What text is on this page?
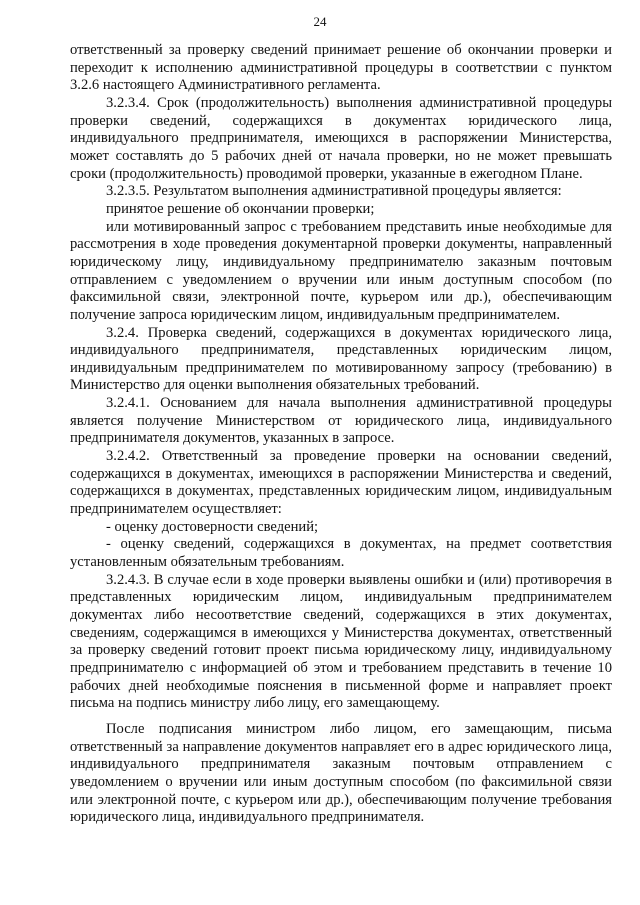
24

ответственный за проверку сведений принимает решение об окончании проверки и переходит к исполнению административной процедуры в соответствии с пунктом 3.2.6 настоящего Административного регламента.

3.2.3.4. Срок (продолжительность) выполнения административной процедуры проверки сведений, содержащихся в документах юридического лица, индивидуального предпринимателя, имеющихся в распоряжении Министерства, может составлять до 5 рабочих дней от начала проверки, но не может превышать сроки (продолжительность) проводимой проверки, указанные в ежегодном Плане.

3.2.3.5. Результатом выполнения административной процедуры является:

принятое решение об окончании проверки;

или мотивированный запрос с требованием представить иные необходимые для рассмотрения в ходе проведения документарной проверки документы, направленный юридическому лицу, индивидуальному предпринимателю заказным почтовым отправлением с уведомлением о вручении или иным доступным способом (по факсимильной связи, электронной почте, курьером или др.), обеспечивающим получение запроса юридическим лицом, индивидуальным предпринимателем.

3.2.4. Проверка сведений, содержащихся в документах юридического лица, индивидуального предпринимателя, представленных юридическим лицом, индивидуальным предпринимателем по мотивированному запросу (требованию) в Министерство для оценки выполнения обязательных требований.

3.2.4.1. Основанием для начала выполнения административной процедуры является получение Министерством от юридического лица, индивидуального предпринимателя документов, указанных в запросе.

3.2.4.2. Ответственный за проведение проверки на основании сведений, содержащихся в документах, имеющихся в распоряжении Министерства и сведений, содержащихся в документах, представленных юридическим лицом, индивидуальным предпринимателем осуществляет:

- оценку достоверности сведений;

- оценку сведений, содержащихся в документах, на предмет соответствия установленным обязательным требованиям.

3.2.4.3. В случае если в ходе проверки выявлены ошибки и (или) противоречия в представленных юридическим лицом, индивидуальным предпринимателем документах либо несоответствие сведений, содержащихся в этих документах, сведениям, содержащимся в имеющихся у Министерства документах, ответственный за проверку сведений готовит проект письма юридическому лицу, индивидуальному предпринимателю с информацией об этом и требованием представить в течение 10 рабочих дней необходимые пояснения в письменной форме и направляет проект письма на подпись министру либо лицу, его замещающему.

После подписания министром либо лицом, его замещающим, письма ответственный за направление документов направляет его в адрес юридического лица, индивидуального предпринимателя заказным почтовым отправлением с уведомлением о вручении или иным доступным способом (по факсимильной связи или электронной почте, с курьером или др.), обеспечивающим получение требования юридического лица, индивидуального предпринимателя.
